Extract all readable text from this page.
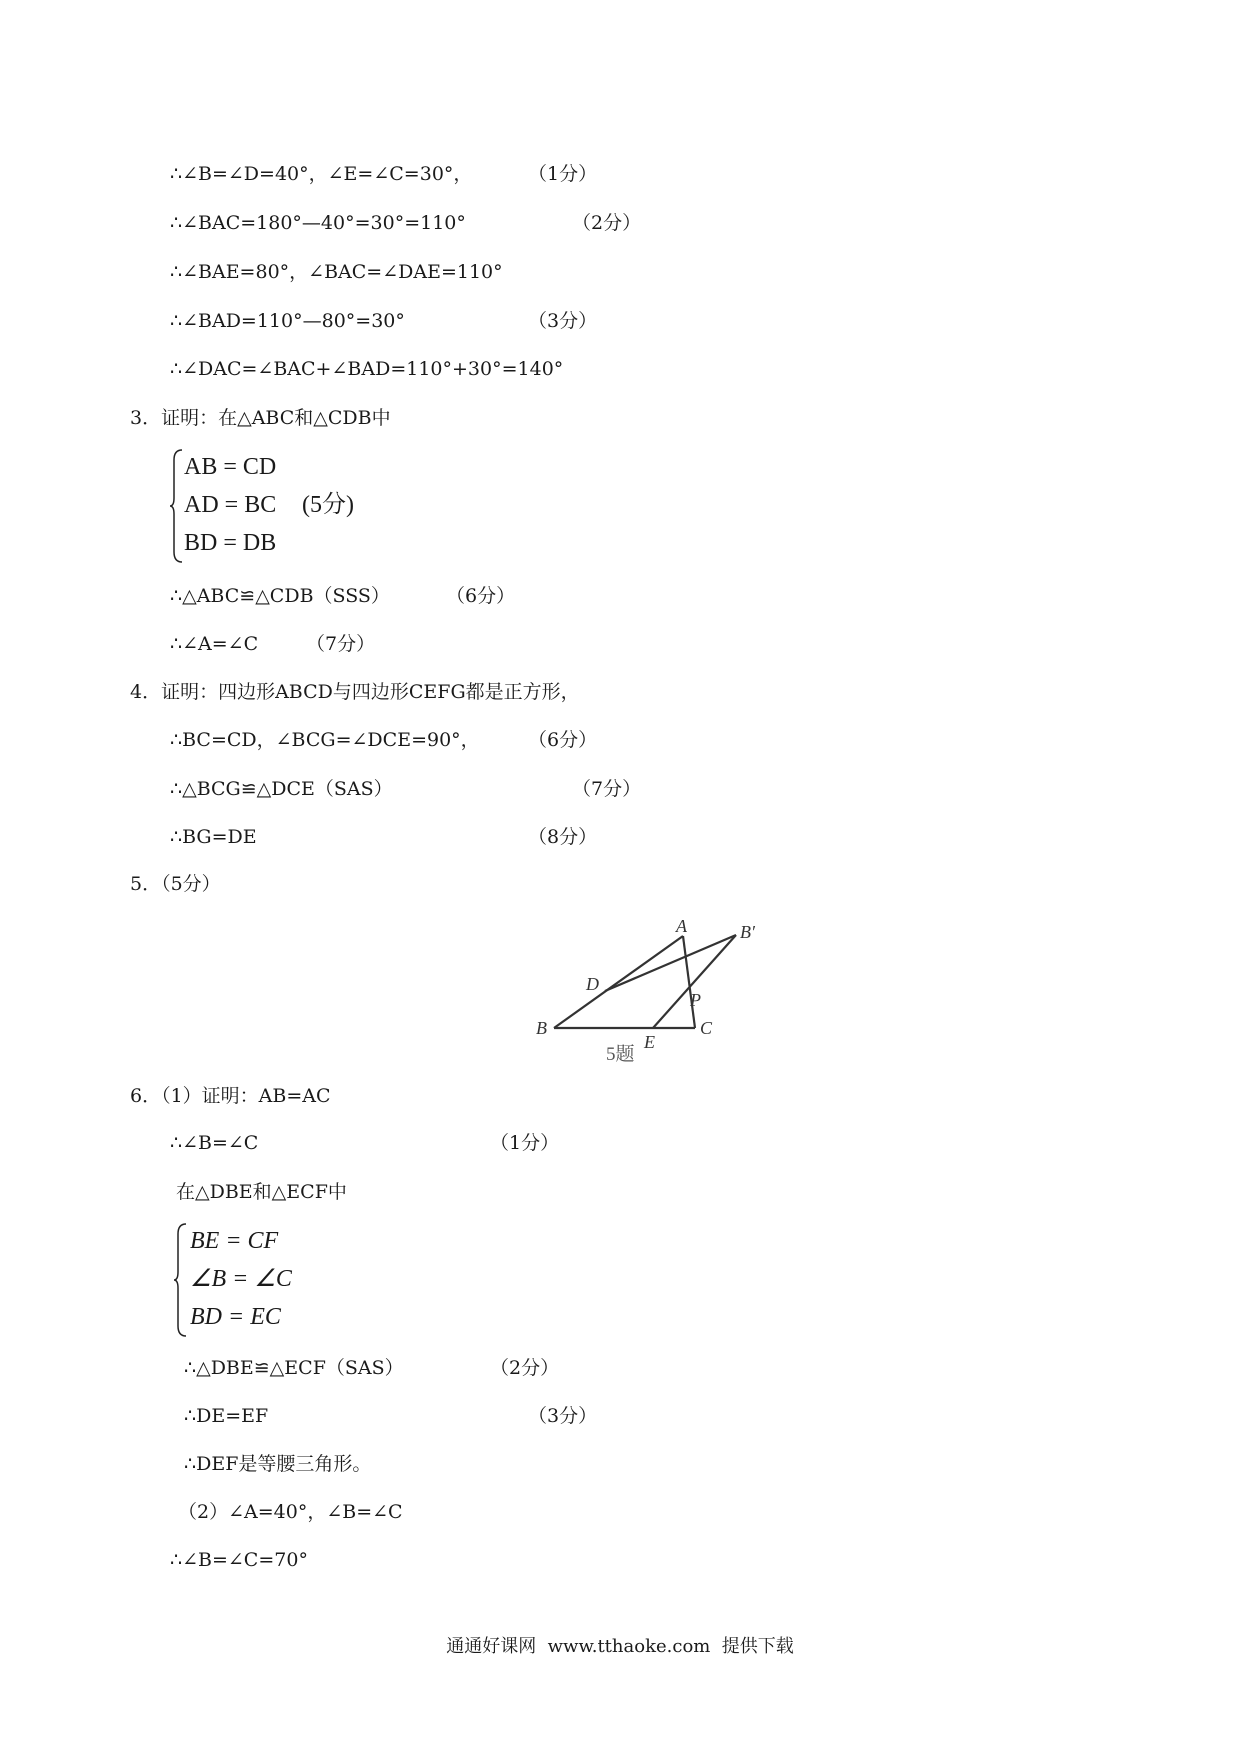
∴∠B=∠D=40°，∠E=∠C=30°，	（1分）
∴∠BAC=180°—40°=30°=110°	（2分）
∴∠BAE=80°，∠BAC=∠DAE=110°
∴∠BAD=110°—80°=30°	（3分）
∴∠DAC=∠BAC+∠BAD=110°+30°=140°
3．证明：在△ABC和△CDB中
AB = CD
AD = BC
BD = DB
(5分)
∴△ABC≌△CDB（SSS）	（6分）
∴∠A=∠C	（7分）
4．证明：四边形ABCD与四边形CEFG都是正方形，
∴BC=CD，∠BCG=∠DCE=90°，	（6分）
∴△BCG≌△DCE（SAS）	（7分）
∴BG=DE	（8分）
5．（5分）
A	B′
D
P
B
E
C
5题
6．（1）证明：AB=AC
∴∠B=∠C	（1分）
在△DBE和△ECF中
BE = CF
∠B = ∠C
BD = EC
∴△DBE≌△ECF（SAS）	（2分）
∴DE=EF	（3分）
∴DEF是等腰三角形。
（2）∠A=40°，∠B=∠C
∴∠B=∠C=70°
通通好课网  www.tthaoke.com  提供下载
